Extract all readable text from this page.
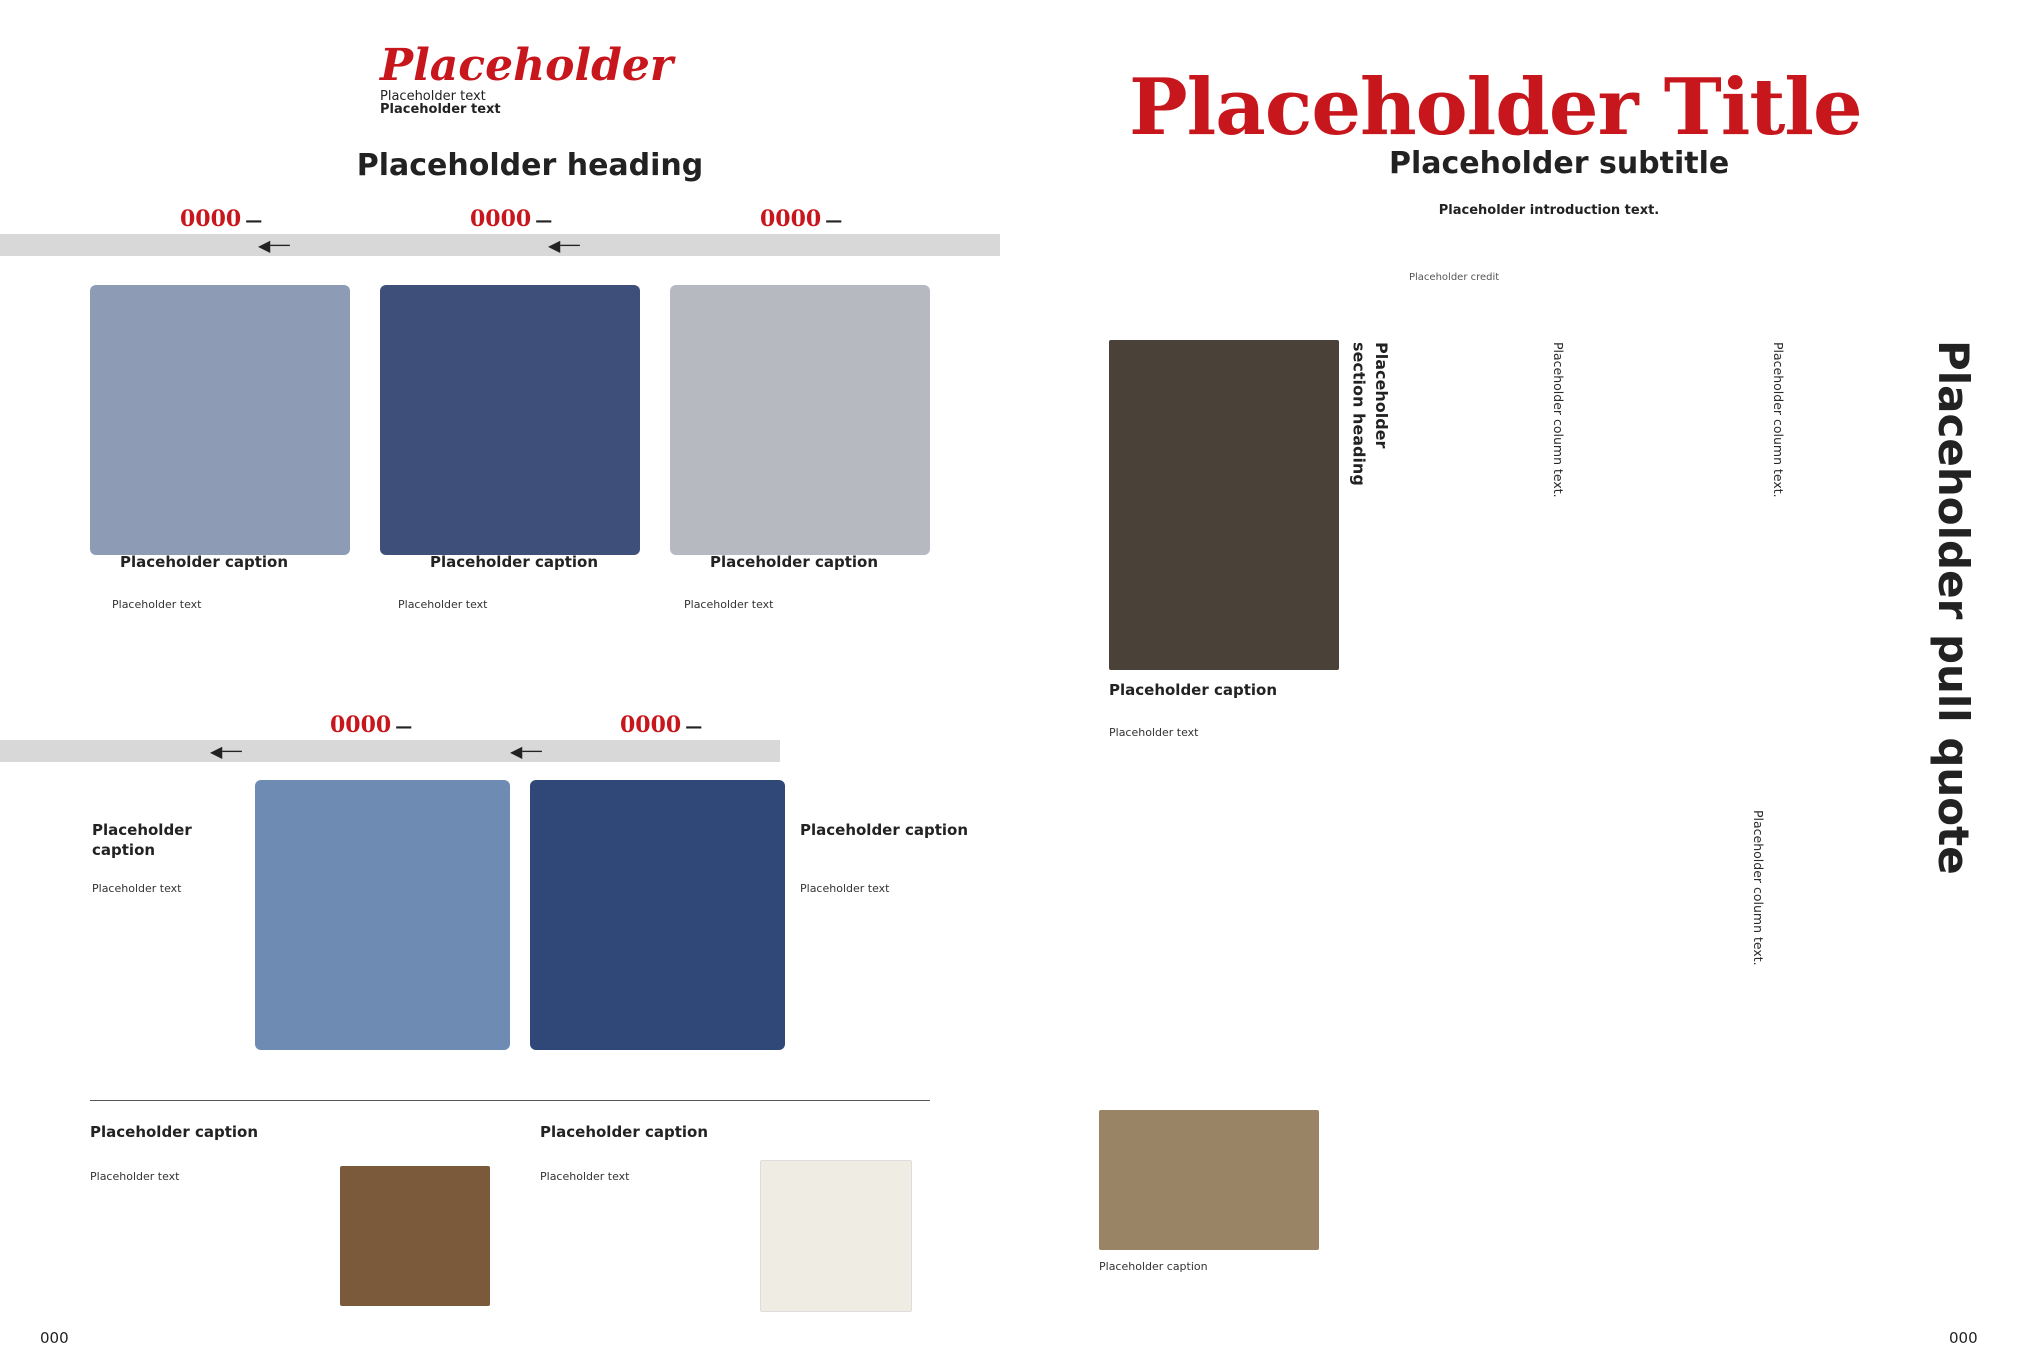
Placeholder
Placeholder text
Placeholder text
Placeholder heading
◀──	◀──
0000 —	0000 —	0000 —
Placeholder caption	Placeholder caption	Placeholder caption
Placeholder text	Placeholder text	Placeholder text
◀──	◀──
0000 —	0000 —
Placeholder caption
Placeholder text
Placeholder caption
Placeholder text
Placeholder caption
Placeholder text
Placeholder caption
Placeholder text
000
Placeholder Title
Placeholder subtitle
Placeholder introduction text.
Placeholder credit
Placeholder caption
Placeholder text
Placeholder section heading	Placeholder column text.	Placeholder column text.
Placeholder column text.
Placeholder pull quote
Placeholder caption
000
